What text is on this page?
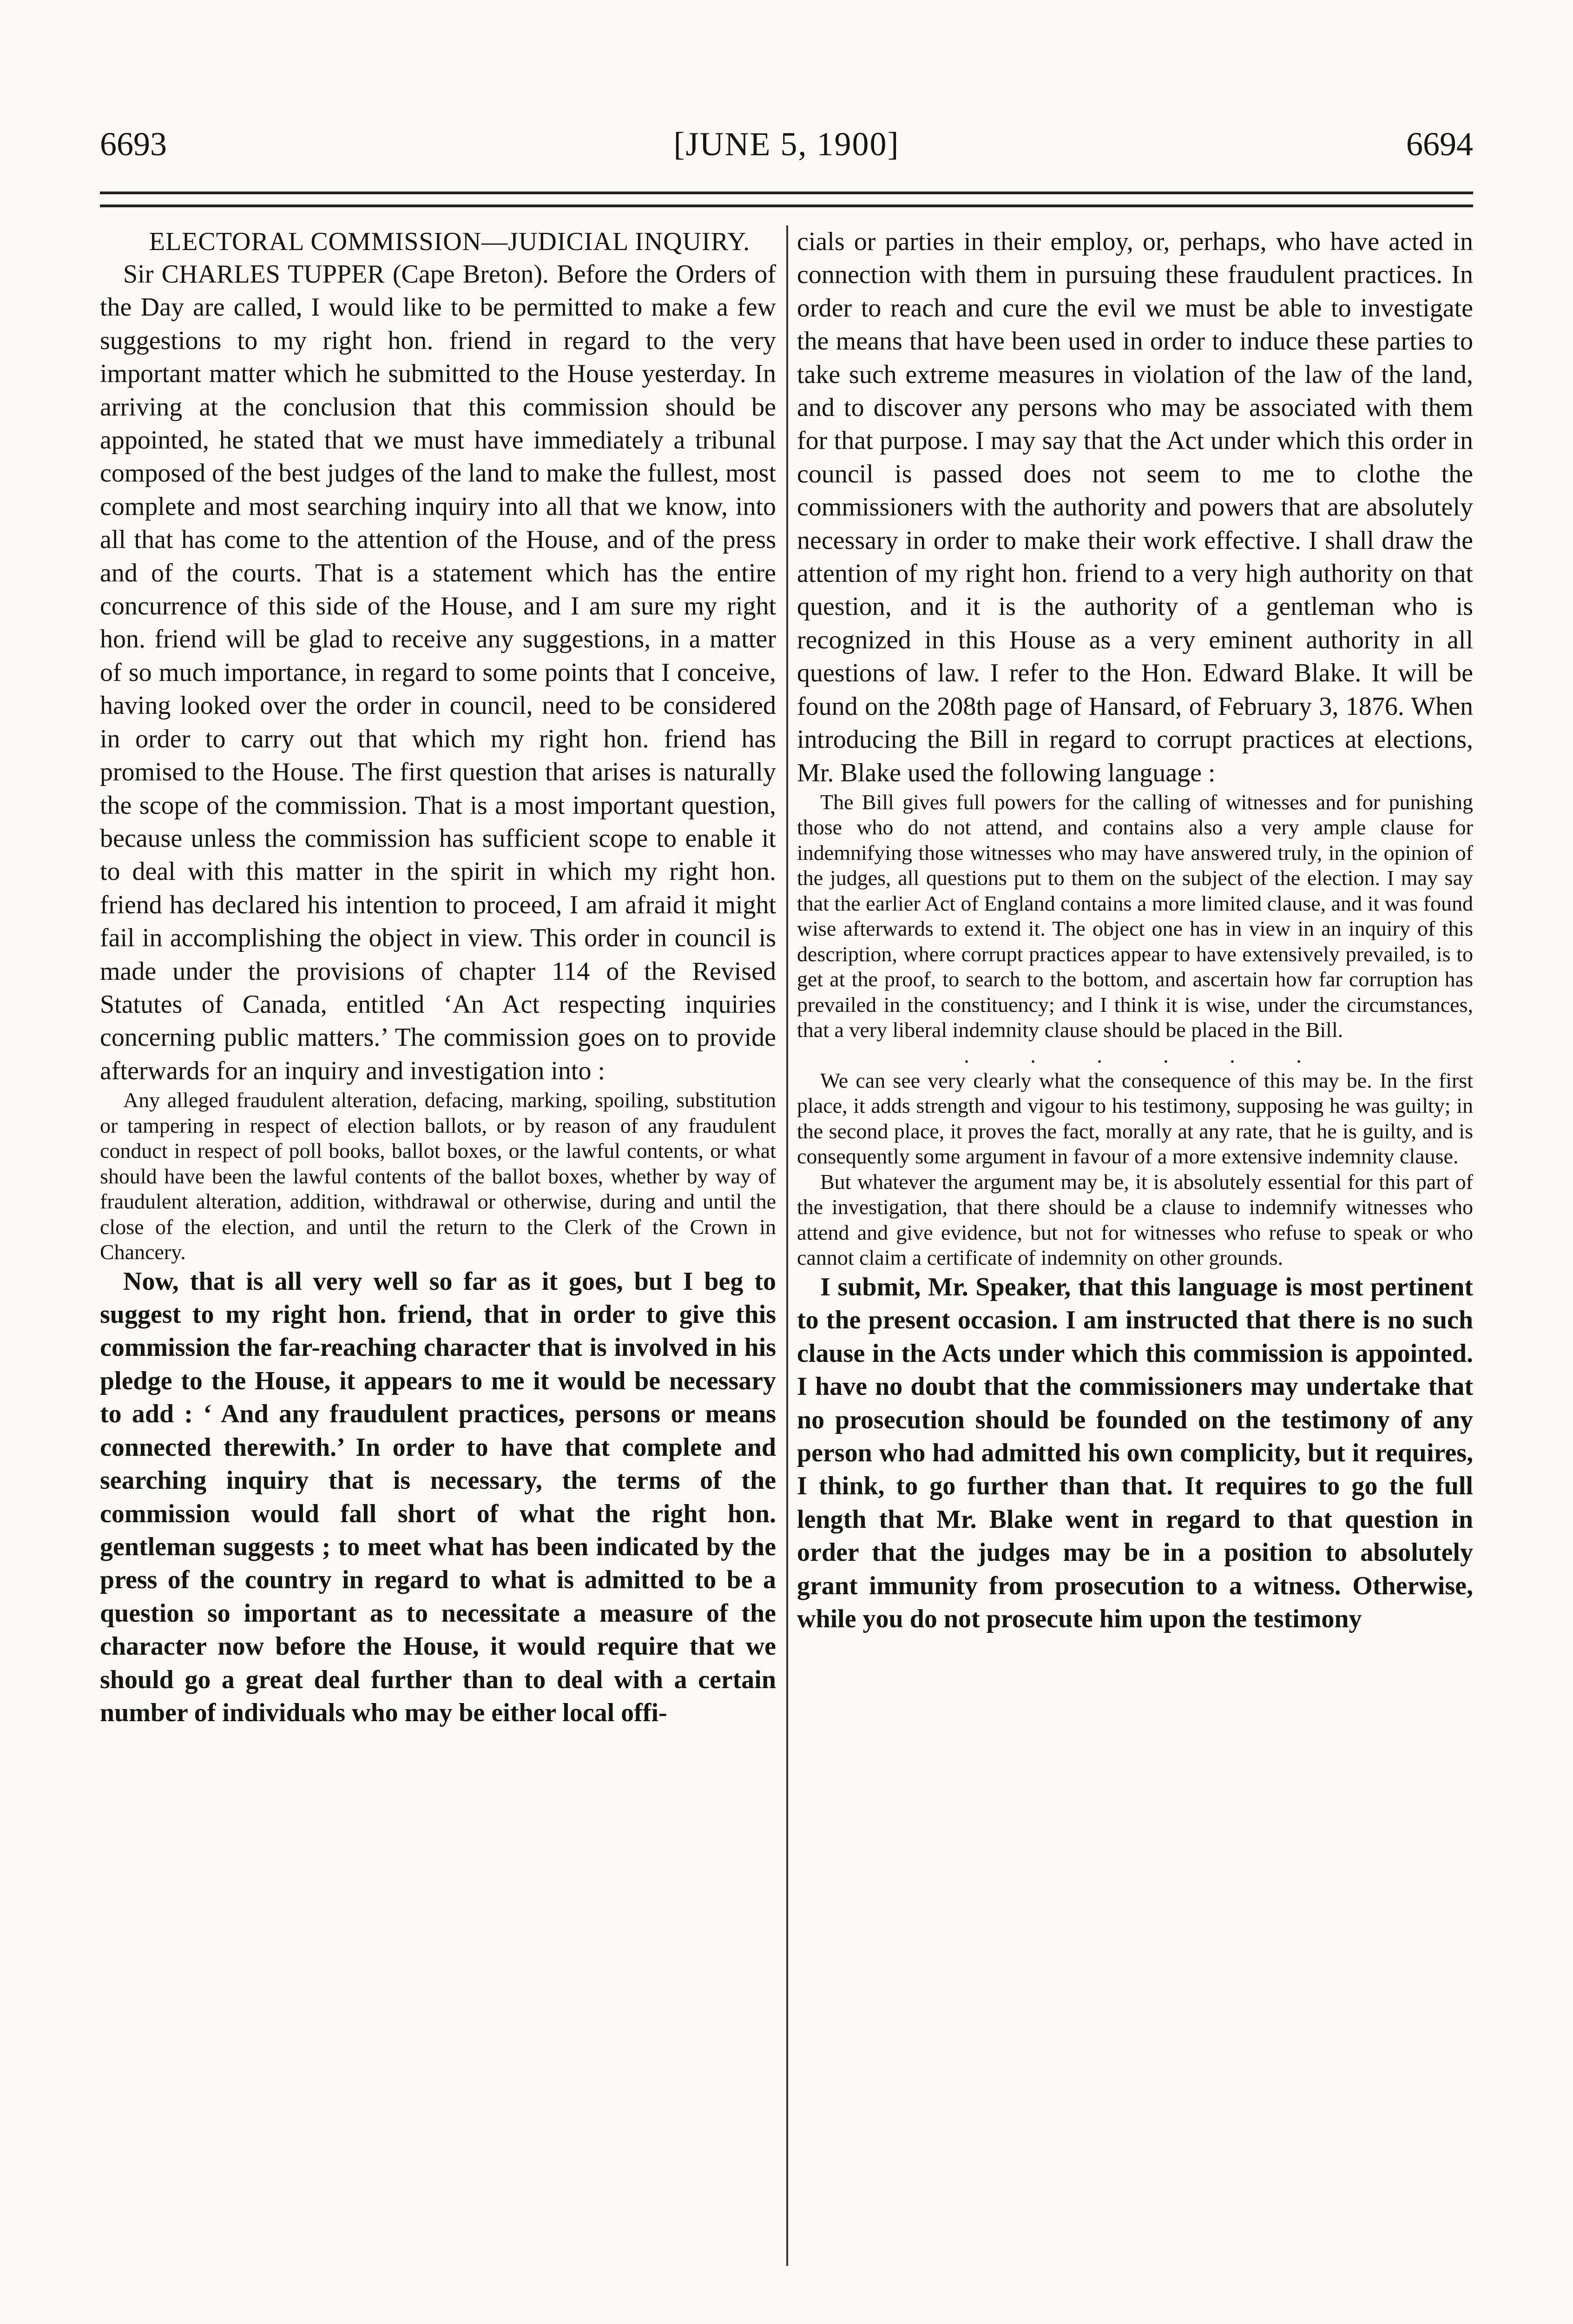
6693	[JUNE 5, 1900]	6694

ELECTORAL COMMISSION—JUDICIAL INQUIRY.

Sir CHARLES TUPPER (Cape Breton). Before the Orders of the Day are called, I would like to be permitted to make a few suggestions to my right hon. friend in regard to the very important matter which he submitted to the House yesterday. In arriving at the conclusion that this commission should be appointed, he stated that we must have immediately a tribunal composed of the best judges of the land to make the fullest, most complete and most searching inquiry into all that we know, into all that has come to the attention of the House, and of the press and of the courts. That is a statement which has the entire concurrence of this side of the House, and I am sure my right hon. friend will be glad to receive any suggestions, in a matter of so much importance, in regard to some points that I conceive, having looked over the order in council, need to be considered in order to carry out that which my right hon. friend has promised to the House. The first question that arises is naturally the scope of the commission. That is a most important question, because unless the commission has sufficient scope to enable it to deal with this matter in the spirit in which my right hon. friend has declared his intention to proceed, I am afraid it might fail in accomplishing the object in view. This order in council is made under the provisions of chapter 114 of the Revised Statutes of Canada, entitled ‘An Act respecting inquiries concerning public matters.’ The commission goes on to provide afterwards for an inquiry and investigation into :

Any alleged fraudulent alteration, defacing, marking, spoiling, substitution or tampering in respect of election ballots, or by reason of any fraudulent conduct in respect of poll books, ballot boxes, or the lawful contents, or what should have been the lawful contents of the ballot boxes, whether by way of fraudulent alteration, addition, withdrawal or otherwise, during and until the close of the election, and until the return to the Clerk of the Crown in Chancery.

Now, that is all very well so far as it goes, but I beg to suggest to my right hon. friend, that in order to give this commission the far-reaching character that is involved in his pledge to the House, it appears to me it would be necessary to add : ‘ And any fraudulent practices, persons or means connected therewith.’ In order to have that complete and searching inquiry that is necessary, the terms of the commission would fall short of what the right hon. gentleman suggests ; to meet what has been indicated by the press of the country in regard to what is admitted to be a question so important as to necessitate a measure of the character now before the House, it would require that we should go a great deal further than to deal with a certain number of individuals who may be either local offi-

cials or parties in their employ, or, perhaps, who have acted in connection with them in pursuing these fraudulent practices. In order to reach and cure the evil we must be able to investigate the means that have been used in order to induce these parties to take such extreme measures in violation of the law of the land, and to discover any persons who may be associated with them for that purpose. I may say that the Act under which this order in council is passed does not seem to me to clothe the commissioners with the authority and powers that are absolutely necessary in order to make their work effective. I shall draw the attention of my right hon. friend to a very high authority on that question, and it is the authority of a gentleman who is recognized in this House as a very eminent authority in all questions of law. I refer to the Hon. Edward Blake. It will be found on the 208th page of Hansard, of February 3, 1876. When introducing the Bill in regard to corrupt practices at elections, Mr. Blake used the following language :

The Bill gives full powers for the calling of witnesses and for punishing those who do not attend, and contains also a very ample clause for indemnifying those witnesses who may have answered truly, in the opinion of the judges, all questions put to them on the subject of the election. I may say that the earlier Act of England contains a more limited clause, and it was found wise afterwards to extend it. The object one has in view in an inquiry of this description, where corrupt practices appear to have extensively prevailed, is to get at the proof, to search to the bottom, and ascertain how far corruption has prevailed in the constituency; and I think it is wise, under the circumstances, that a very liberal indemnity clause should be placed in the Bill.

. . . . . .

We can see very clearly what the consequence of this may be. In the first place, it adds strength and vigour to his testimony, supposing he was guilty; in the second place, it proves the fact, morally at any rate, that he is guilty, and is consequently some argument in favour of a more extensive indemnity clause.

But whatever the argument may be, it is absolutely essential for this part of the investigation, that there should be a clause to indemnify witnesses who attend and give evidence, but not for witnesses who refuse to speak or who cannot claim a certificate of indemnity on other grounds.

I submit, Mr. Speaker, that this language is most pertinent to the present occasion. I am instructed that there is no such clause in the Acts under which this commission is appointed. I have no doubt that the commissioners may undertake that no prosecution should be founded on the testimony of any person who had admitted his own complicity, but it requires, I think, to go further than that. It requires to go the full length that Mr. Blake went in regard to that question in order that the judges may be in a position to absolutely grant immunity from prosecution to a witness. Otherwise, while you do not prosecute him upon the testimony
